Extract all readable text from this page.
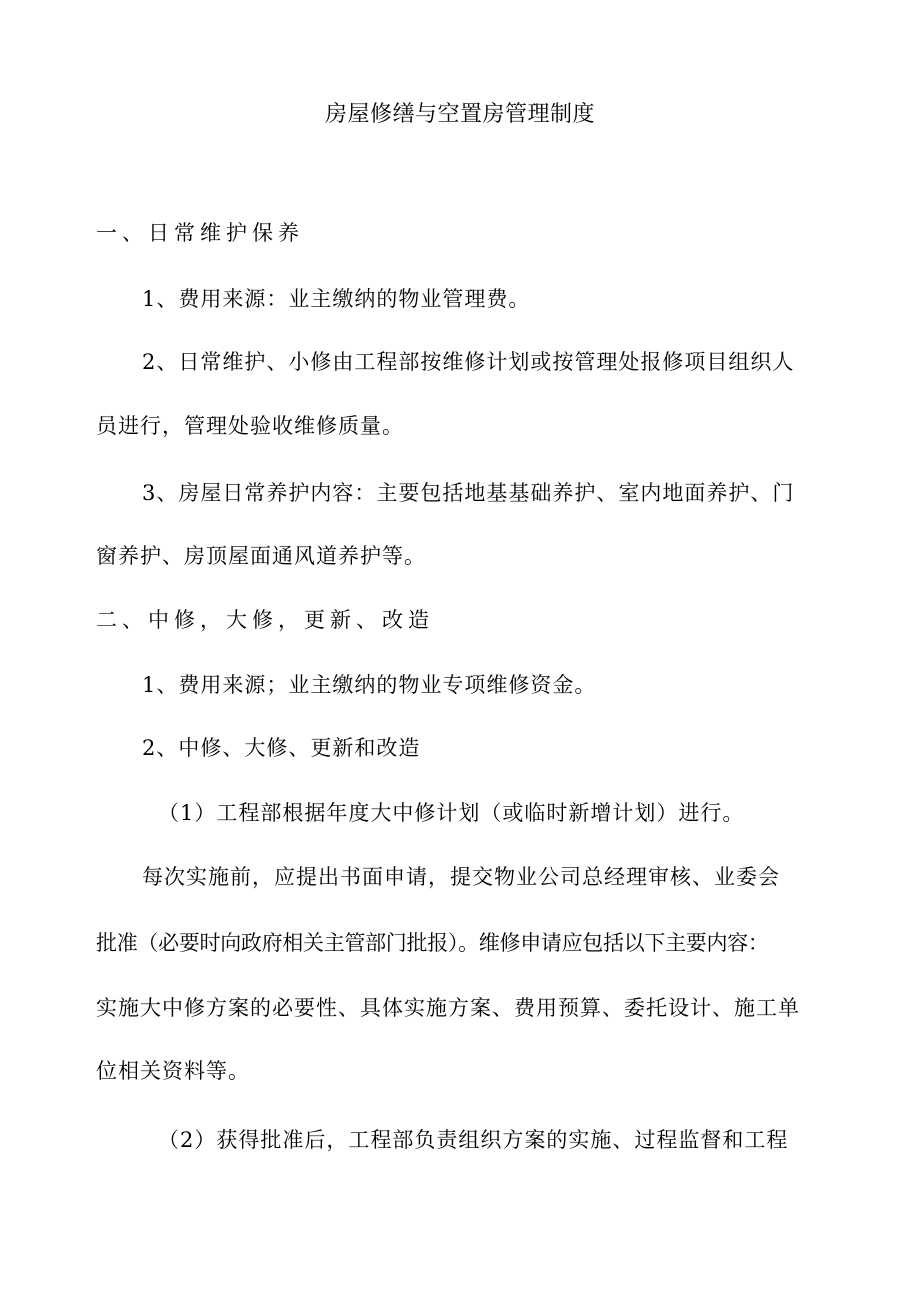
房屋修缮与空置房管理制度
一、日常维护保养
1、费用来源：业主缴纳的物业管理费。
2、日常维护、小修由工程部按维修计划或按管理处报修项目组织人
员进行，管理处验收维修质量。
3、房屋日常养护内容：主要包括地基基础养护、室内地面养护、门
窗养护、房顶屋面通风道养护等。
二、中修，大修，更新、改造
1、费用来源；业主缴纳的物业专项维修资金。
2、中修、大修、更新和改造
（1）工程部根据年度大中修计划（或临时新增计划）进行。
每次实施前，应提出书面申请，提交物业公司总经理审核、业委会
批准（必要时向政府相关主管部门批报）。维修申请应包括以下主要内容：
实施大中修方案的必要性、具体实施方案、费用预算、委托设计、施工单
位相关资料等。
（2）获得批准后，工程部负责组织方案的实施、过程监督和工程
